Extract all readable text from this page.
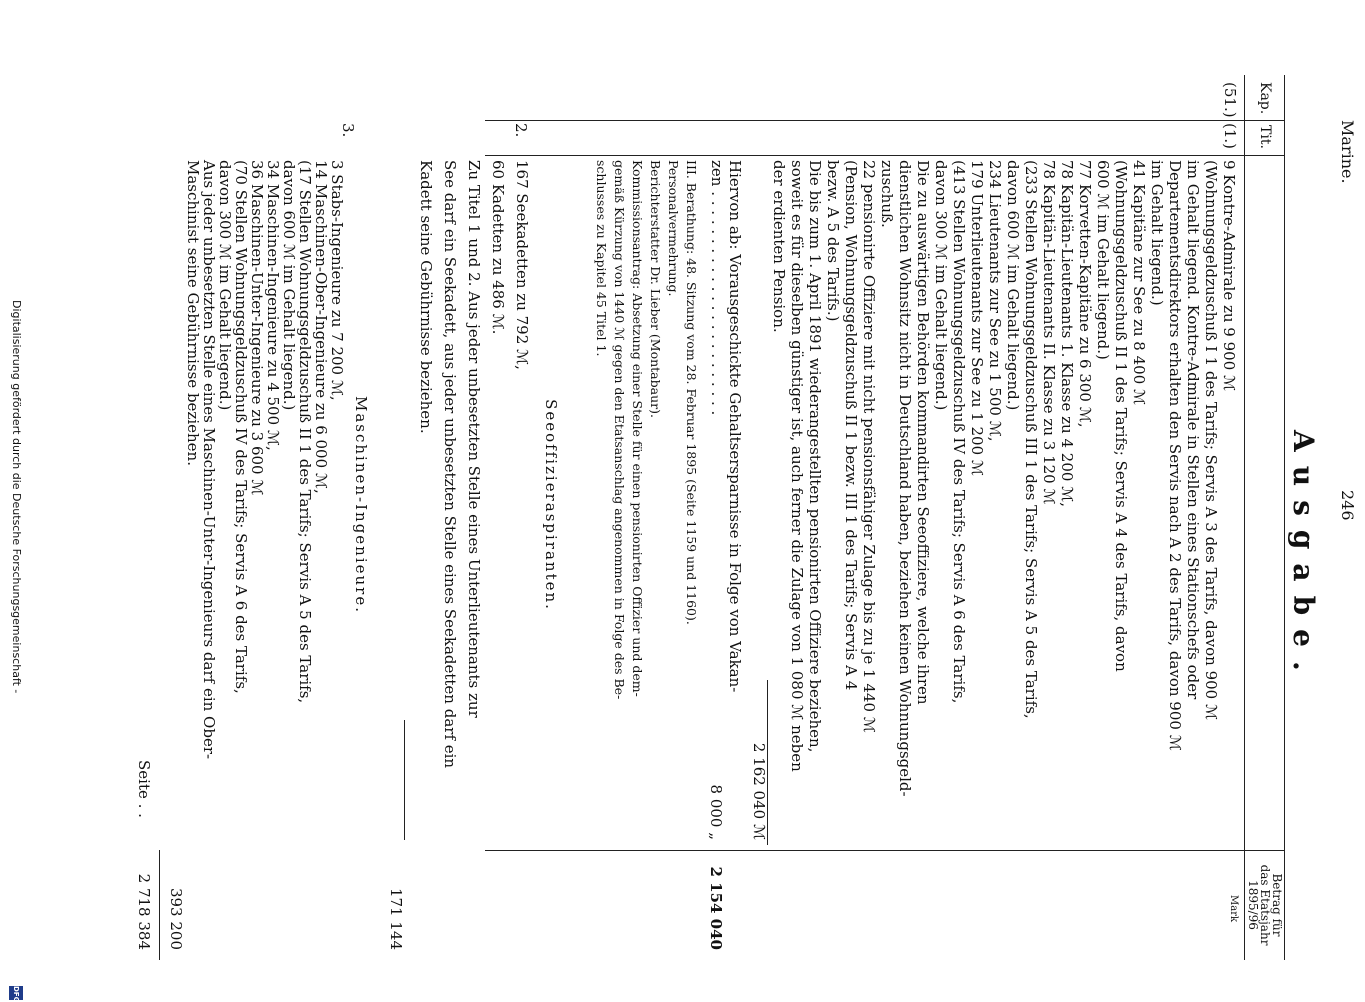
Marine.
246
Ausgabe.
Kap.
Tit.
Betrag für
das Etatsjahr
1895/96
Mark
(51.)
(1.)
9 Kontre-Admirale zu 9 900 ℳ
(Wohnungsgeldzuschuß I 1 des Tarifs; Servis A 3 des Tarifs, davon 900 ℳ
im Gehalt liegend. Kontre-Admirale in Stellen eines Stationschefs oder
Departementsdirektors erhalten den Servis nach A 2 des Tarifs, davon 900 ℳ
im Gehalt liegend.)
41 Kapitäne zur See zu 8 400 ℳ
(Wohnungsgeldzuschuß II 1 des Tarifs; Servis A 4 des Tarifs, davon
600 ℳ im Gehalt liegend.)
77 Korvetten-Kapitäne zu 6 300 ℳ,
78 Kapitän-Lieutenants 1. Klasse zu 4 200 ℳ,
78 Kapitän-Lieutenants II. Klasse zu 3 120 ℳ
(233 Stellen Wohnungsgeldzuschuß III 1 des Tarifs; Servis A 5 des Tarifs,
davon 600 ℳ im Gehalt liegend.)
234 Lieutenants zur See zu 1 500 ℳ,
179 Unterlieutenants zur See zu 1 200 ℳ
(413 Stellen Wohnungsgeldzuschuß IV des Tarifs; Servis A 6 des Tarifs,
davon 300 ℳ im Gehalt liegend.)
Die zu auswärtigen Behörden kommandirten Seeoffiziere, welche ihren
dienstlichen Wohnsitz nicht in Deutschland haben, beziehen keinen Wohnungsgeld-
zuschuß.
22 pensionirte Offiziere mit nicht pensionsfähiger Zulage bis zu je 1 440 ℳ
(Pension, Wohnungsgeldzuschuß II 1 bezw. III 1 des Tarifs; Servis A 4
bezw. A 5 des Tarifs.)
Die bis zum 1. April 1891 wiederangestellten pensionirten Offiziere beziehen,
soweit es für dieselben günstiger ist, auch ferner die Zulage von 1 080 ℳ neben
der erdienten Pension.
2 162 040 ℳ
Hiervon ab: Vorausgeschickte Gehaltsersparnisse in Folge von Vakan-
zen . . . . . . . . . . . . . . . . . . . . . . . .
8 000 „
2 154 040
III. Berathung: 48. Sitzung vom 28. Februar 1895 (Seite 1159 und 1160).
Personalvermehrung.
Berichterstatter Dr. Lieber (Montabaur).
Kommissionsantrag: Absetzung einer Stelle für einen pensionirten Offizier und dem-
gemäß Kürzung von 1440 ℳ gegen den Etatsanschlag angenommen in Folge des Be-
schlusses zu Kapitel 45 Titel 1.
2.
Seeoffizieraspiranten.
167 Seekadetten zu 792 ℳ,
60 Kadetten zu 486 ℳ.
Zu Titel 1 und 2. Aus jeder unbesetzten Stelle eines Unterlieutenants zur
See darf ein Seekadett, aus jeder unbesetzten Stelle eines Seekadetten darf ein
Kadett seine Gebührnisse beziehen.
171 144
3.
Maschinen-Ingenieure.
3 Stabs-Ingenieure zu 7 200 ℳ,
14 Maschinen-Ober-Ingenieure zu 6 000 ℳ,
(17 Stellen Wohnungsgeldzuschuß II 1 des Tarifs; Servis A 5 des Tarifs,
davon 600 ℳ im Gehalt liegend.)
34 Maschinen-Ingenieure zu 4 500 ℳ,
36 Maschinen-Unter-Ingenieure zu 3 600 ℳ
(70 Stellen Wohnungsgeldzuschuß IV des Tarifs; Servis A 6 des Tarifs,
davon 300 ℳ im Gehalt liegend.)
Aus jeder unbesetzten Stelle eines Maschinen-Unter-Ingenieurs darf ein Ober-
Maschinist seine Gebührnisse beziehen.
393 200
Seite . .
2 718 384
Digitalisierung gefördert durch die Deutsche Forschungsgemeinschaft -
DFG
